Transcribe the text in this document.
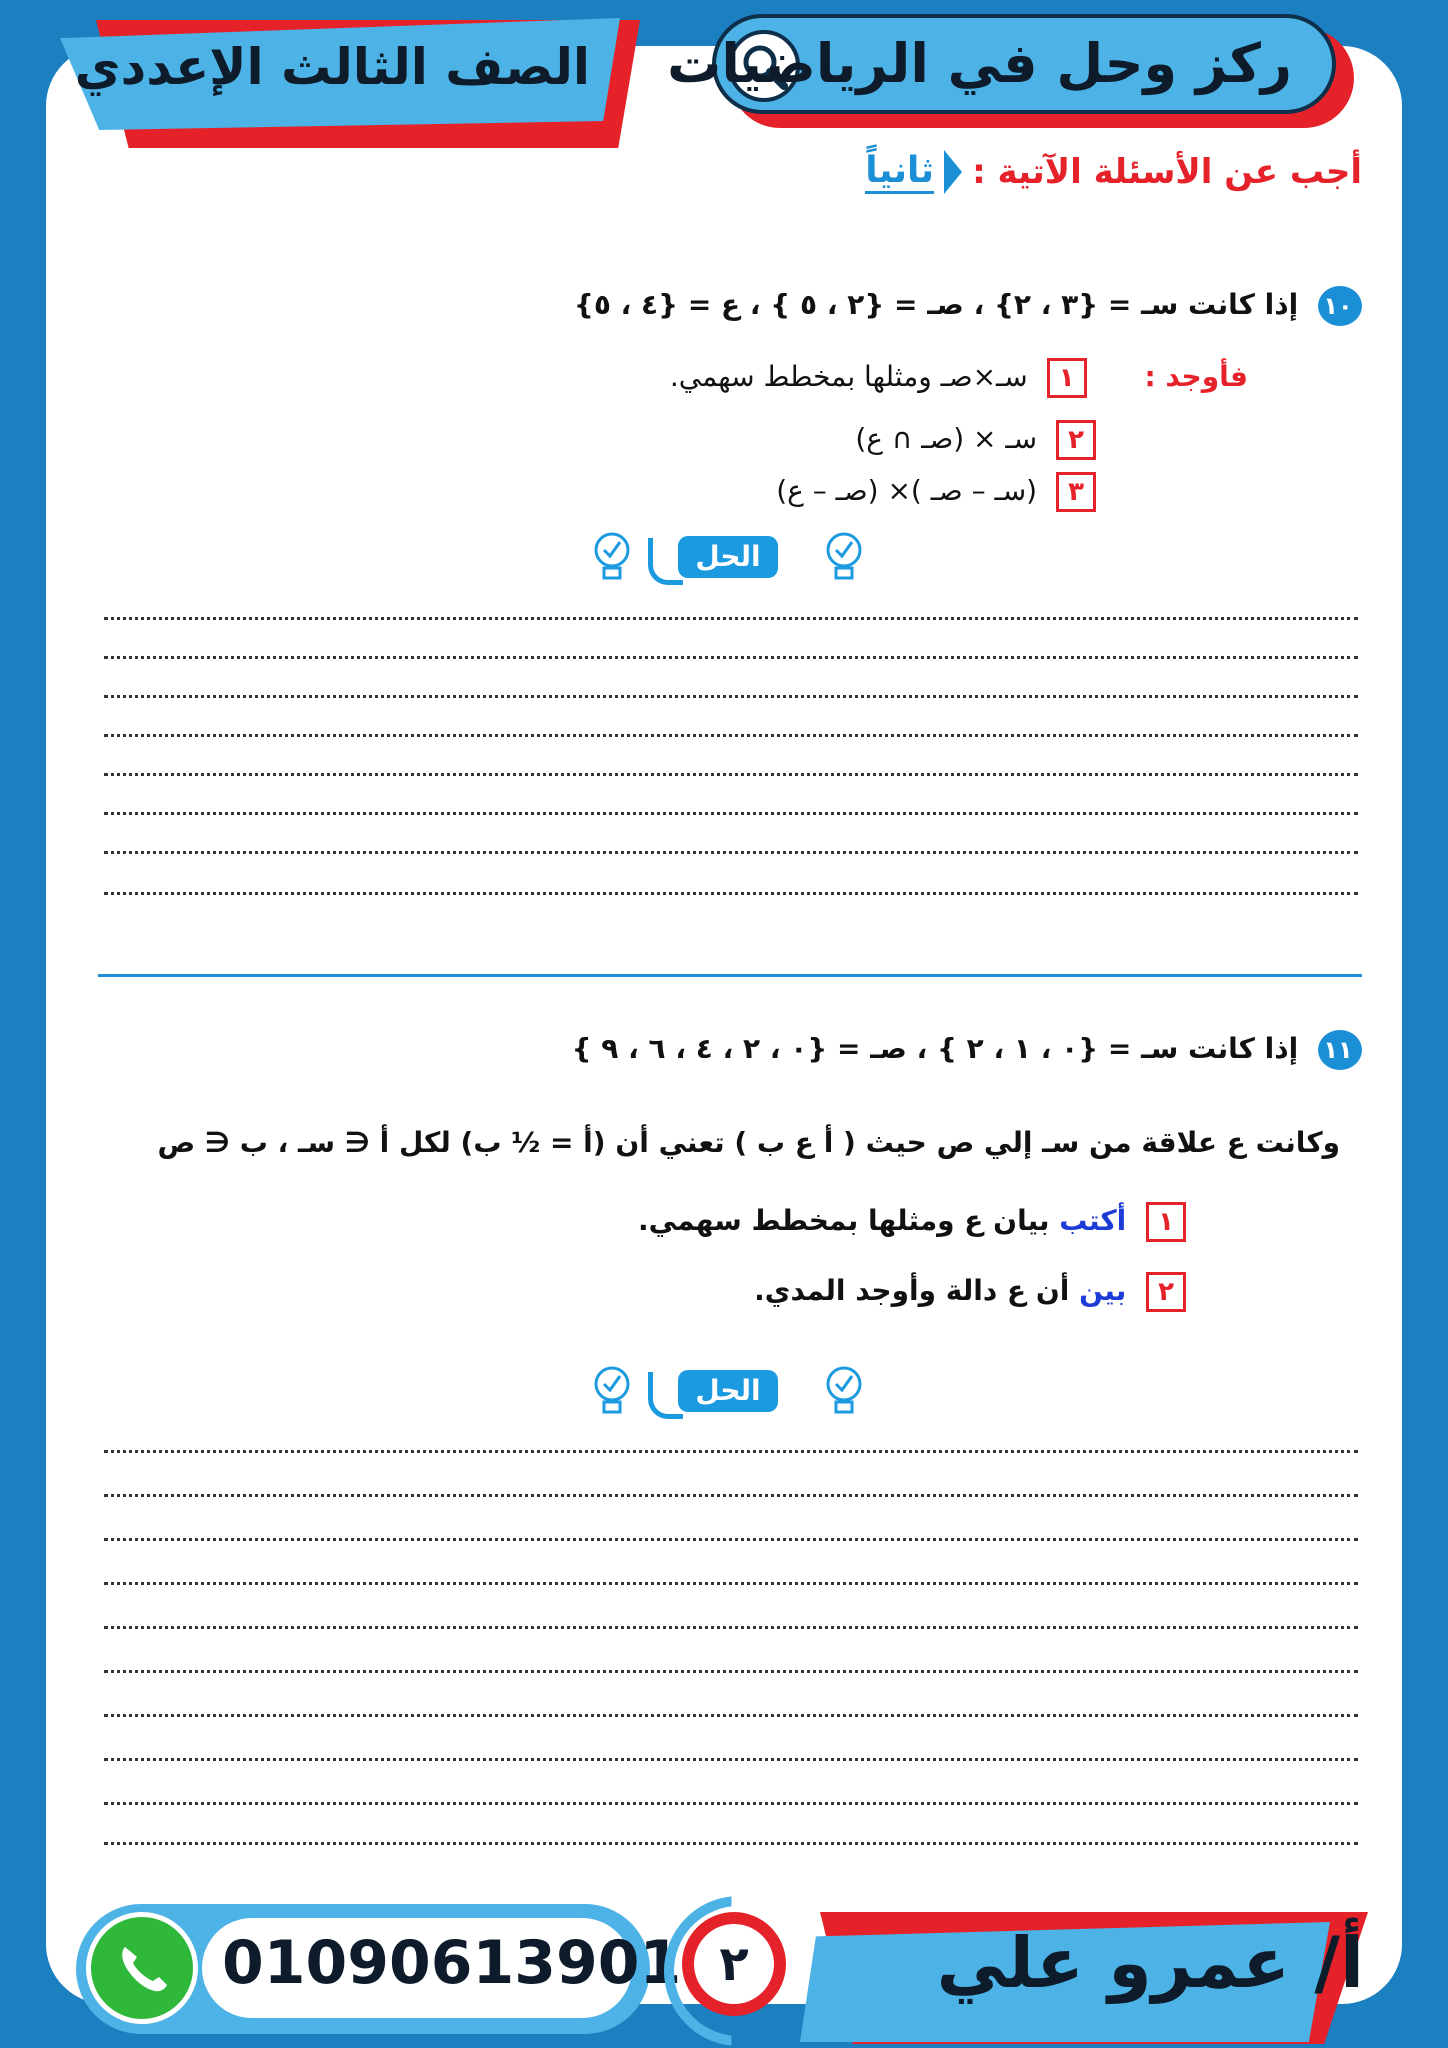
ركز وحل في الرياضيات
الصف الثالث الإعددي
ثانياً أجب عن الأسئلة الآتية :
١٠ إذا كانت سـ = {٣ ، ٢} ، صـ = {٢ ، ٥ } ، ع = {٤ ، ٥}
فأوجد :  ١ سـ×صـ ومثلها بمخطط سهمي.
٢ سـ × (صـ ∩ ع)
٣ (سـ – صـ )× (صـ – ع)
الحل
١١ إذا كانت سـ = {٠ ، ١ ، ٢ } ، صـ = {٠ ، ٢ ، ٤ ، ٦ ، ٩ }
وكانت ع علاقة من سـ إلي ص حيث ( أ ع ب ) تعني أن (أ = ½ ب) لكل أ ∈ سـ ، ب ∈ ص
١ أكتب بيان ع ومثلها بمخطط سهمي.
٢ بين أن ع دالة وأوجد المدي.
الحل
01090613901 ٢	أ/ عمرو علي
